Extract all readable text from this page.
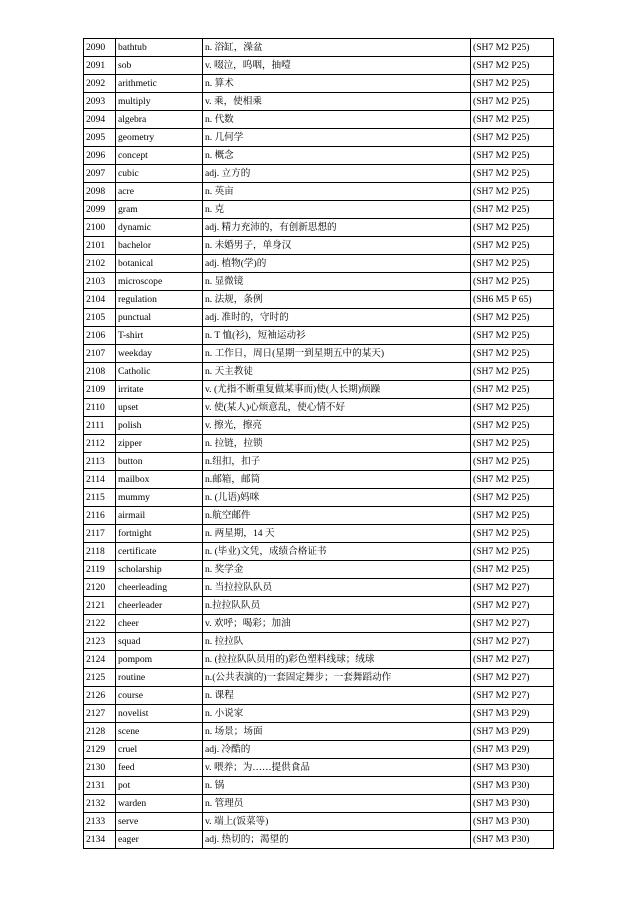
2090	bathtub	n. 浴缸，澡盆	(SH7 M2 P25)
2091	sob	v. 啜泣，呜咽，抽噎	(SH7 M2 P25)
2092	arithmetic	n. 算术	(SH7 M2 P25)
2093	multiply	v. 乘，使相乘	(SH7 M2 P25)
2094	algebra	n. 代数	(SH7 M2 P25)
2095	geometry	n. 几何学	(SH7 M2 P25)
2096	concept	n. 概念	(SH7 M2 P25)
2097	cubic	adj. 立方的	(SH7 M2 P25)
2098	acre	n. 英亩	(SH7 M2 P25)
2099	gram	n. 克	(SH7 M2 P25)
2100	dynamic	adj. 精力充沛的，有创新思想的	(SH7 M2 P25)
2101	bachelor	n. 未婚男子，单身汉	(SH7 M2 P25)
2102	botanical	adj. 植物(学)的	(SH7 M2 P25)
2103	microscope	n. 显微镜	(SH7 M2 P25)
2104	regulation	n. 法规，条例	(SH6 M5 P 65)
2105	punctual	adj. 准时的，守时的	(SH7 M2 P25)
2106	T-shirt	n. T 恤(衫)，短袖运动衫	(SH7 M2 P25)
2107	weekday	n. 工作日，周日(星期一到星期五中的某天)	(SH7 M2 P25)
2108	Catholic	n. 天主教徒	(SH7 M2 P25)
2109	irritate	v. (尤指不断重复做某事而)使(人长期)烦躁	(SH7 M2 P25)
2110	upset	v. 使(某人)心烦意乱，使心情不好	(SH7 M2 P25)
2111	polish	v. 擦光，擦亮	(SH7 M2 P25)
2112	zipper	n. 拉链，拉锁	(SH7 M2 P25)
2113	button	n.纽扣，扣子	(SH7 M2 P25)
2114	mailbox	n.邮箱，邮筒	(SH7 M2 P25)
2115	mummy	n. (儿语)妈咪	(SH7 M2 P25)
2116	airmail	n.航空邮件	(SH7 M2 P25)
2117	fortnight	n. 两星期，14 天	(SH7 M2 P25)
2118	certificate	n. (毕业)文凭，成绩合格证书	(SH7 M2 P25)
2119	scholarship	n. 奖学金	(SH7 M2 P25)
2120	cheerleading	n. 当拉拉队队员	(SH7 M2 P27)
2121	cheerleader	n.拉拉队队员	(SH7 M2 P27)
2122	cheer	v. 欢呼；喝彩；加油	(SH7 M2 P27)
2123	squad	n. 拉拉队	(SH7 M2 P27)
2124	pompom	n. (拉拉队队员用的)彩色塑料线球；绒球	(SH7 M2 P27)
2125	routine	n.(公共表演的)一套固定舞步；一套舞蹈动作	(SH7 M2 P27)
2126	course	n. 课程	(SH7 M2 P27)
2127	novelist	n. 小说家	(SH7 M3 P29)
2128	scene	n. 场景；场面	(SH7 M3 P29)
2129	cruel	adj. 冷酷的	(SH7 M3 P29)
2130	feed	v. 喂养；为……提供食品	(SH7 M3 P30)
2131	pot	n. 锅	(SH7 M3 P30)
2132	warden	n. 管理员	(SH7 M3 P30)
2133	serve	v. 端上(饭菜等)	(SH7 M3 P30)
2134	eager	adj. 热切的；渴望的	(SH7 M3 P30)
